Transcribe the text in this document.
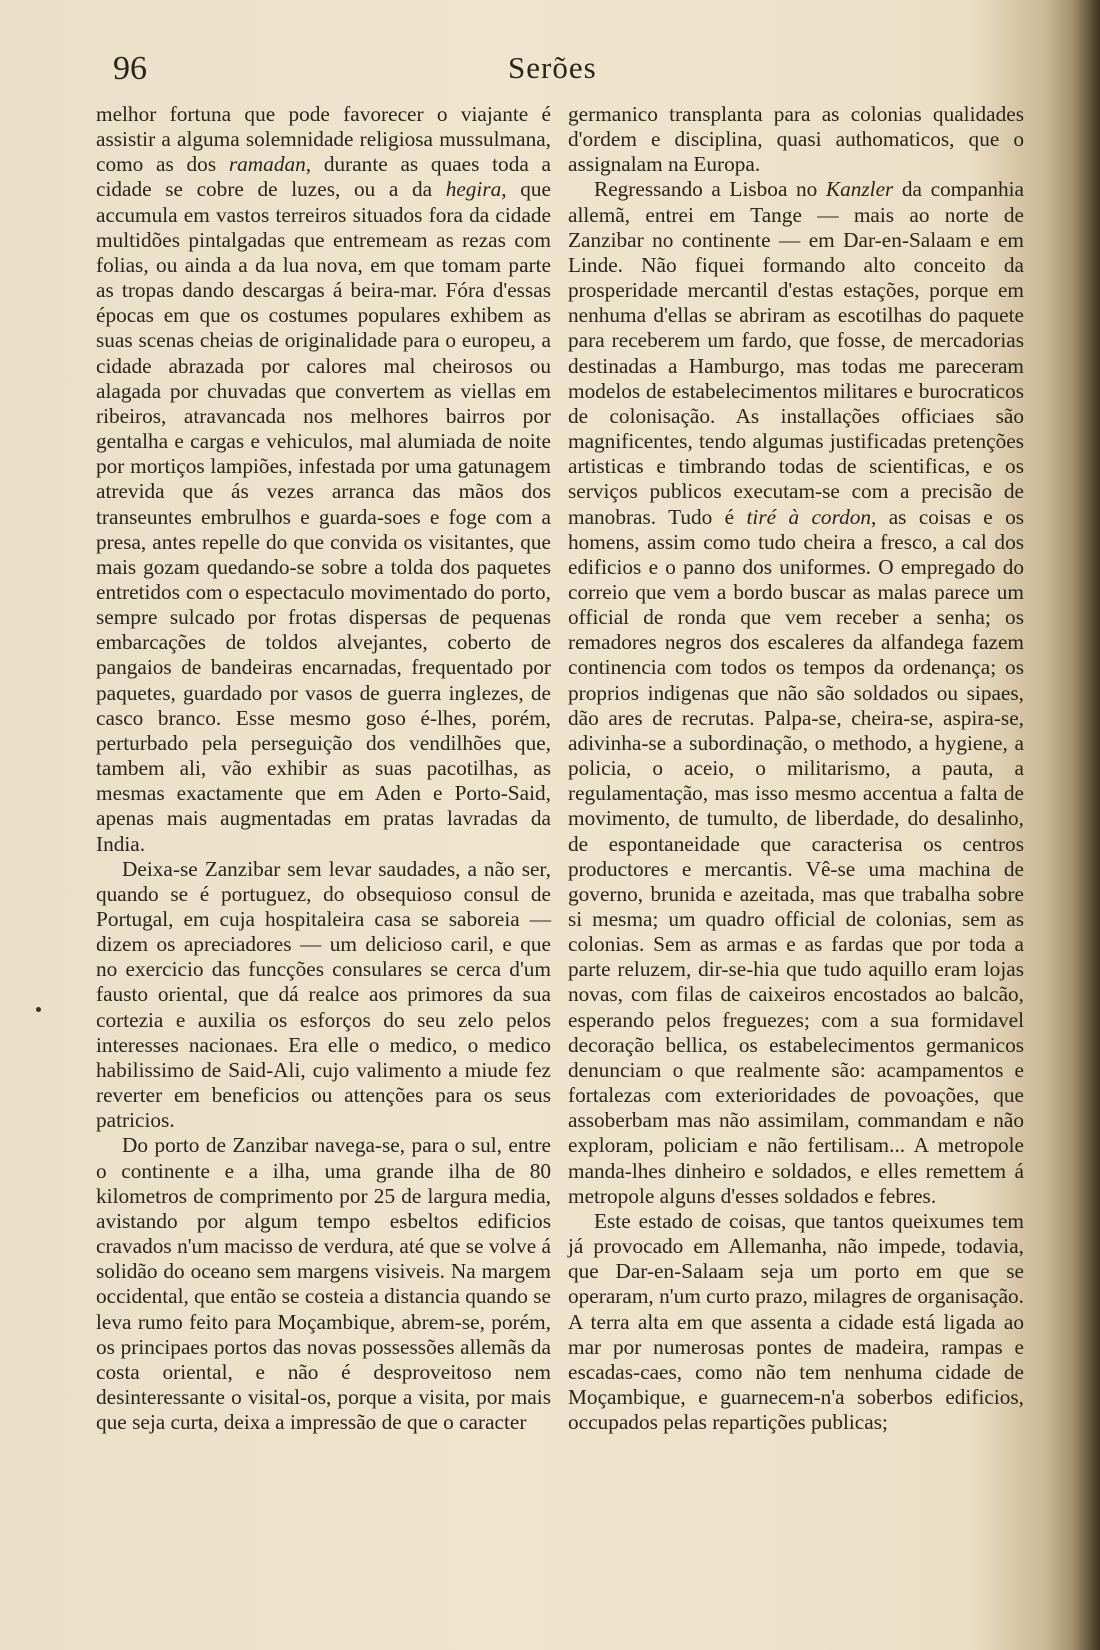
96	Serões

melhor fortuna que pode favorecer o viajante é assistir a alguma solemnidade religiosa mussulmana, como as dos ramadan, durante as quaes toda a cidade se cobre de luzes, ou a da hegira, que accumula em vastos terreiros situados fora da cidade multidões pintalgadas que entremeam as rezas com folias, ou ainda a da lua nova, em que tomam parte as tropas dando descargas á beira-mar. Fóra d'essas épocas em que os costumes populares exhibem as suas scenas cheias de originalidade para o europeu, a cidade abrazada por calores mal cheirosos ou alagada por chuvadas que convertem as viellas em ribeiros, atravancada nos melhores bairros por gentalha e cargas e vehiculos, mal alumiada de noite por mortiços lampiões, infestada por uma gatunagem atrevida que ás vezes arranca das mãos dos transeuntes embrulhos e guarda-soes e foge com a presa, antes repelle do que convida os visitantes, que mais gozam quedando-se sobre a tolda dos paquetes entretidos com o espectaculo movimentado do porto, sempre sulcado por frotas dispersas de pequenas embarcações de toldos alvejantes, coberto de pangaios de bandeiras encarnadas, frequentado por paquetes, guardado por vasos de guerra inglezes, de casco branco. Esse mesmo goso é-lhes, porém, perturbado pela perseguição dos vendilhões que, tambem ali, vão exhibir as suas pacotilhas, as mesmas exactamente que em Aden e Porto-Said, apenas mais augmentadas em pratas lavradas da India.

Deixa-se Zanzibar sem levar saudades, a não ser, quando se é portuguez, do obsequioso consul de Portugal, em cuja hospitaleira casa se saboreia — dizem os apreciadores — um delicioso caril, e que no exercicio das funcções consulares se cerca d'um fausto oriental, que dá realce aos primores da sua cortezia e auxilia os esforços do seu zelo pelos interesses nacionaes. Era elle o medico, o medico habilissimo de Said-Ali, cujo valimento a miude fez reverter em beneficios ou attenções para os seus patricios.

Do porto de Zanzibar navega-se, para o sul, entre o continente e a ilha, uma grande ilha de 80 kilometros de comprimento por 25 de largura media, avistando por algum tempo esbeltos edificios cravados n'um macisso de verdura, até que se volve á solidão do oceano sem margens visiveis. Na margem occidental, que então se costeia a distancia quando se leva rumo feito para Moçambique, abrem-se, porém, os principaes portos das novas possessões allemãs da costa oriental, e não é desproveitoso nem desinteressante o visital-os, porque a visita, por mais que seja curta, deixa a impressão de que o caracter

germanico transplanta para as colonias qualidades d'ordem e disciplina, quasi authomaticos, que o assignalam na Europa.

Regressando a Lisboa no Kanzler da companhia allemã, entrei em Tange — mais ao norte de Zanzibar no continente — em Dar-en-Salaam e em Linde. Não fiquei formando alto conceito da prosperidade mercantil d'estas estações, porque em nenhuma d'ellas se abriram as escotilhas do paquete para receberem um fardo, que fosse, de mercadorias destinadas a Hamburgo, mas todas me pareceram modelos de estabelecimentos militares e burocraticos de colonisação. As installações officiaes são magnificentes, tendo algumas justificadas pretenções artisticas e timbrando todas de scientificas, e os serviços publicos executam-se com a precisão de manobras. Tudo é tiré à cordon, as coisas e os homens, assim como tudo cheira a fresco, a cal dos edificios e o panno dos uniformes. O empregado do correio que vem a bordo buscar as malas parece um official de ronda que vem receber a senha; os remadores negros dos escaleres da alfandega fazem continencia com todos os tempos da ordenança; os proprios indigenas que não são soldados ou sipaes, dão ares de recrutas. Palpa-se, cheira-se, aspira-se, adivinha-se a subordinação, o methodo, a hygiene, a policia, o aceio, o militarismo, a pauta, a regulamentação, mas isso mesmo accentua a falta de movimento, de tumulto, de liberdade, do desalinho, de espontaneidade que caracterisa os centros productores e mercantis. Vê-se uma machina de governo, brunida e azeitada, mas que trabalha sobre si mesma; um quadro official de colonias, sem as colonias. Sem as armas e as fardas que por toda a parte reluzem, dir-se-hia que tudo aquillo eram lojas novas, com filas de caixeiros encostados ao balcão, esperando pelos freguezes; com a sua formidavel decoração bellica, os estabelecimentos germanicos denunciam o que realmente são: acampamentos e fortalezas com exterioridades de povoações, que assoberbam mas não assimilam, commandam e não exploram, policiam e não fertilisam... A metropole manda-lhes dinheiro e soldados, e elles remettem á metropole alguns d'esses soldados e febres.

Este estado de coisas, que tantos queixumes tem já provocado em Allemanha, não impede, todavia, que Dar-en-Salaam seja um porto em que se operaram, n'um curto prazo, milagres de organisação. A terra alta em que assenta a cidade está ligada ao mar por numerosas pontes de madeira, rampas e escadas-caes, como não tem nenhuma cidade de Moçambique, e guarnecem-n'a soberbos edificios, occupados pelas repartições publicas;
